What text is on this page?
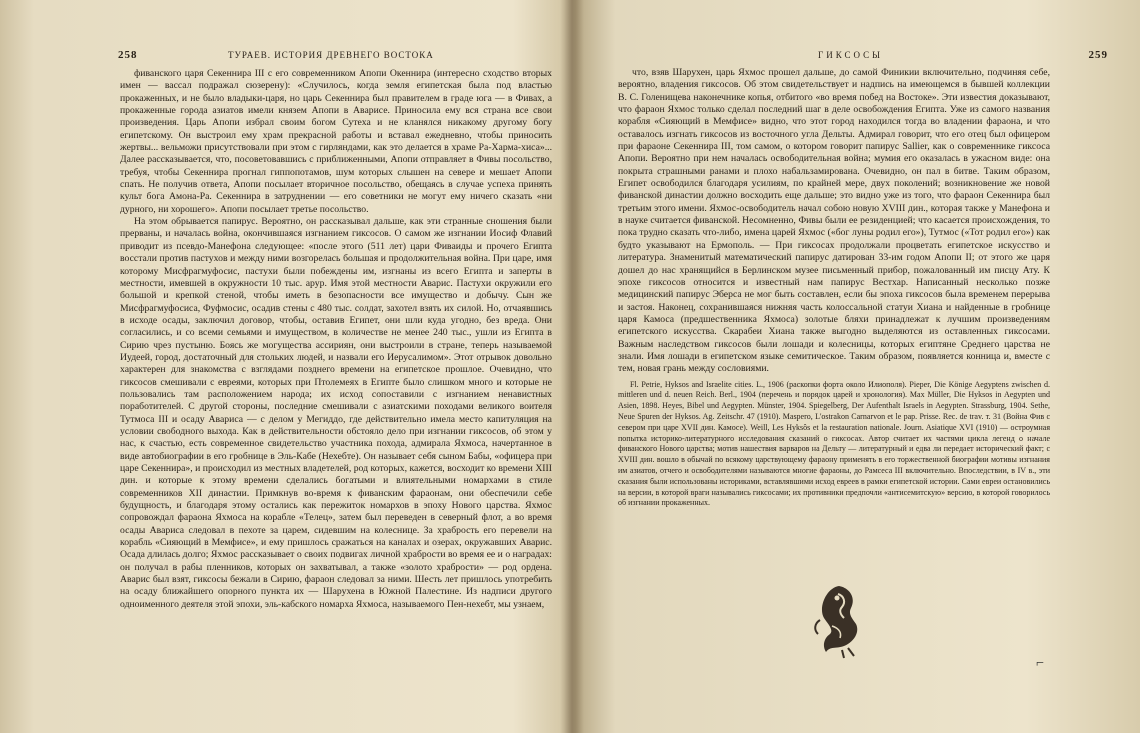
258	ТУРАЕВ. ИСТОРИЯ ДРЕВНЕГО ВОСТОКА

фиванского царя Секеннира III с его современником Апопи Океннира (интересно сходство вторых имен — вассал подражал сюзерену): «Случилось, когда земля египетская была под властью прокаженных, и не было владыки-царя, но царь Секеннира был правителем в граде юга — в Фивах, а прокаженные города азиатов имели князем Апопи в Аварисе. Приносила ему вся страна все свои произведения. Царь Апопи избрал своим богом Сутеха и не кланялся никакому другому богу египетскому. Он выстроил ему храм прекрасной работы и вставал ежедневно, чтобы приносить жертвы... вельможи присутствовали при этом с гирляндами, как это делается в храме Ра-Харма-хиса»... Далее рассказывается, что, посоветовавшись с приближенными, Апопи отправляет в Фивы посольство, требуя, чтобы Секеннира прогнал гиппопотамов, шум которых слышен на севере и мешает Апопи спать. Не получив ответа, Апопи посылает вторичное посольство, обещаясь в случае успеха принять культ бога Амона-Ра. Секеннира в затруднении — его советники не могут ему ничего сказать «ни дурного, ни хорошего». Апопи посылает третье посольство.

На этом обрывается папирус. Вероятно, он рассказывал дальше, как эти странные сношения были прерваны, и началась война, окончившаяся изгнанием гиксосов. О самом же изгнании Иосиф Флавий приводит из псевдо-Манефона следующее: «после этого (511 лет) цари Фиваиды и прочего Египта восстали против пастухов и между ними возгорелась большая и продолжительная война. При царе, имя которому Мисфрагмуфосис, пастухи были побеждены им, изгнаны из всего Египта и заперты в местности, имевшей в окружности 10 тыс. арур. Имя этой местности Аварис. Пастухи окружили его большой и крепкой стеной, чтобы иметь в безопасности все имущество и добычу. Сын же Мисфрагмуфосиса, Фуфмосис, осадив стены с 480 тыс. солдат, захотел взять их силой. Но, отчаявшись в исходе осады, заключил договор, чтобы, оставив Египет, они шли куда угодно, без вреда. Они согласились, и со всеми семьями и имуществом, в количестве не менее 240 тыс., ушли из Египта в Сирию чрез пустыню. Боясь же могущества ассириян, они выстроили в стране, теперь называемой Иудеей, город, достаточный для стольких людей, и назвали его Иерусалимом». Этот отрывок довольно характерен для знакомства с взглядами позднего времени на египетское прошлое. Очевидно, что гиксосов смешивали с евреями, которых при Птолемеях в Египте было слишком много и которые не пользовались там расположением народа; их исход сопоставили с изгнанием ненавистных поработителей. С другой стороны, последние смешивали с азиатскими походами великого воителя Тутмоса III и осаду Авариса — с делом у Мегиддо, где действительно имела место капитуляция на условии свободного выхода. Как в действительности обстояло дело при изгнании гиксосов, об этом у нас, к счастью, есть современное свидетельство участника похода, адмирала Яхмоса, начертанное в виде автобиографии в его гробнице в Эль-Кабе (Нехебте). Он называет себя сыном Бабы, «офицера при царе Секеннира», и происходил из местных владетелей, род которых, кажется, восходит ко времени XIII дин. и которые к этому времени сделались богатыми и влиятельными номархами в стиле современников XII династии. Примкнув во-время к фиванским фараонам, они обеспечили себе будущность, и благодаря этому остались как пережиток номархов в эпоху Нового царства. Яхмос сопровождал фараона Яхмоса на корабле «Телец», затем был переведен в северный флот, а во время осады Авариса следовал в пехоте за царем, сидевшим на колеснице. За храбрость его перевели на корабль «Сияющий в Мемфисе», и ему пришлось сражаться на каналах и озерах, окружавших Аварис. Осада длилась долго; Яхмос рассказывает о своих подвигах личной храбрости во время ее и о наградах: он получал в рабы пленников, которых он захватывал, а также «золото храбрости» — род ордена. Аварис был взят, гиксосы бежали в Сирию, фараон следовал за ними. Шесть лет пришлось употребить на осаду ближайшего опорного пункта их — Шарухена в Южной Палестине. Из надписи другого одноименного деятеля этой эпохи, эль-кабского номарха Яхмоса, называемого Пен-нехебт, мы узнаем,

ГИКСОСЫ	259

что, взяв Шарухен, царь Яхмос прошел дальше, до самой Финикии включительно, подчиняя себе, вероятно, владения гиксосов. Об этом свидетельствует и надпись на имеющемся в бывшей коллекции В. С. Голенищева наконечнике копья, отбитого «во время побед на Востоке». Эти известия доказывают, что фараон Яхмос только сделал последний шаг в деле освобождения Египта. Уже из самого названия корабля «Сияющий в Мемфисе» видно, что этот город находился тогда во владении фараона, и что оставалось изгнать гиксосов из восточного угла Дельты. Адмирал говорит, что его отец был офицером при фараоне Секеннира III, том самом, о котором говорит папирус Sallier, как о современнике гиксоса Апопи. Вероятно при нем началась освободительная война; мумия его оказалась в ужасном виде: она покрыта страшными ранами и плохо набальзамирована. Очевидно, он пал в битве. Таким образом, Египет освободился благодаря усилиям, по крайней мере, двух поколений; возникновение же новой фиванской династии должно восходить еще дальше; это видно уже из того, что фараон Секеннира был третьим этого имени. Яхмос-освободитель начал собою новую XVIII дин., которая также у Манефона и в науке считается фиванской. Несомненно, Фивы были ее резиденцией; что касается происхождения, то пока трудно сказать что-либо, имена царей Яхмос («бог луны родил его»), Тутмос («Тот родил его») как будто указывают на Ермополь. — При гиксосах продолжали процветать египетское искусство и литература. Знаменитый математический папирус датирован 33-им годом Апопи II; от этого же царя дошел до нас хранящийся в Берлинском музее письменный прибор, пожалованный им писцу Ату. К эпохе гиксосов относится и известный нам папирус Вестхар. Написанный несколько позже медицинский папирус Эберса не мог быть составлен, если бы эпоха гиксосов была временем перерыва и застоя. Наконец, сохранившаяся нижняя часть колоссальной статуи Хиана и найденные в гробнице царя Камоса (предшественника Яхмоса) золотые бляхи принадлежат к лучшим произведениям египетского искусства. Скарабеи Хиана также выгодно выделяются из оставленных гиксосами. Важным наследством гиксосов были лошади и колесницы, которых египтяне Среднего царства не знали. Имя лошади в египетском языке семитическое. Таким образом, появляется конница и, вместе с тем, новая грань между сословиями.

Fl. Petrie, Hyksos and Israelite cities. L., 1906 (раскопки форта около Илиополя). Pieper, Die Könige Aegyptens zwischen d. mittleren und d. neuen Reich. Berl., 1904 (перечень и порядок царей и хронология). Max Müller, Die Hyksos in Aegypten und Asien, 1898. Heyes, Bibel und Aegypten. Münster, 1904. Spiegelberg, Der Aufenthalt Israels in Aegypten. Strassburg, 1904. Sethe, Neue Spuren der Hyksos. Ag. Zeitschr. 47 (1910). Maspero, L'ostrakon Carnarvon et le pap. Prisse. Rec. de trav. т. 31 (Война Фив с севером при царе XVII дин. Камосе). Weill, Les Hyksôs et la restauration nationale. Journ. Asiatique XVI (1910) — остроумная попытка историко-литературного исследования сказаний о гиксосах. Автор считает их частями цикла легенд о начале фиванского Нового царства; мотив нашествия варваров на Дельту — литературный и едва ли передает исторический факт; с XVIII дин. вошло в обычай по всякому царствующему фараону применять в его торжественной биографии мотивы изгнания им азиатов, отчего и освободителями называются многие фараоны, до Рамсеса III включительно. Впоследствии, в IV в., эти сказания были использованы историками, вставлявшими исход евреев в рамки египетской истории. Сами евреи остановились на версии, в которой враги назывались гиксосами; их противники предпочли «антисемитскую» версию, в которой говорилось об изгнании прокаженных.

⌐
